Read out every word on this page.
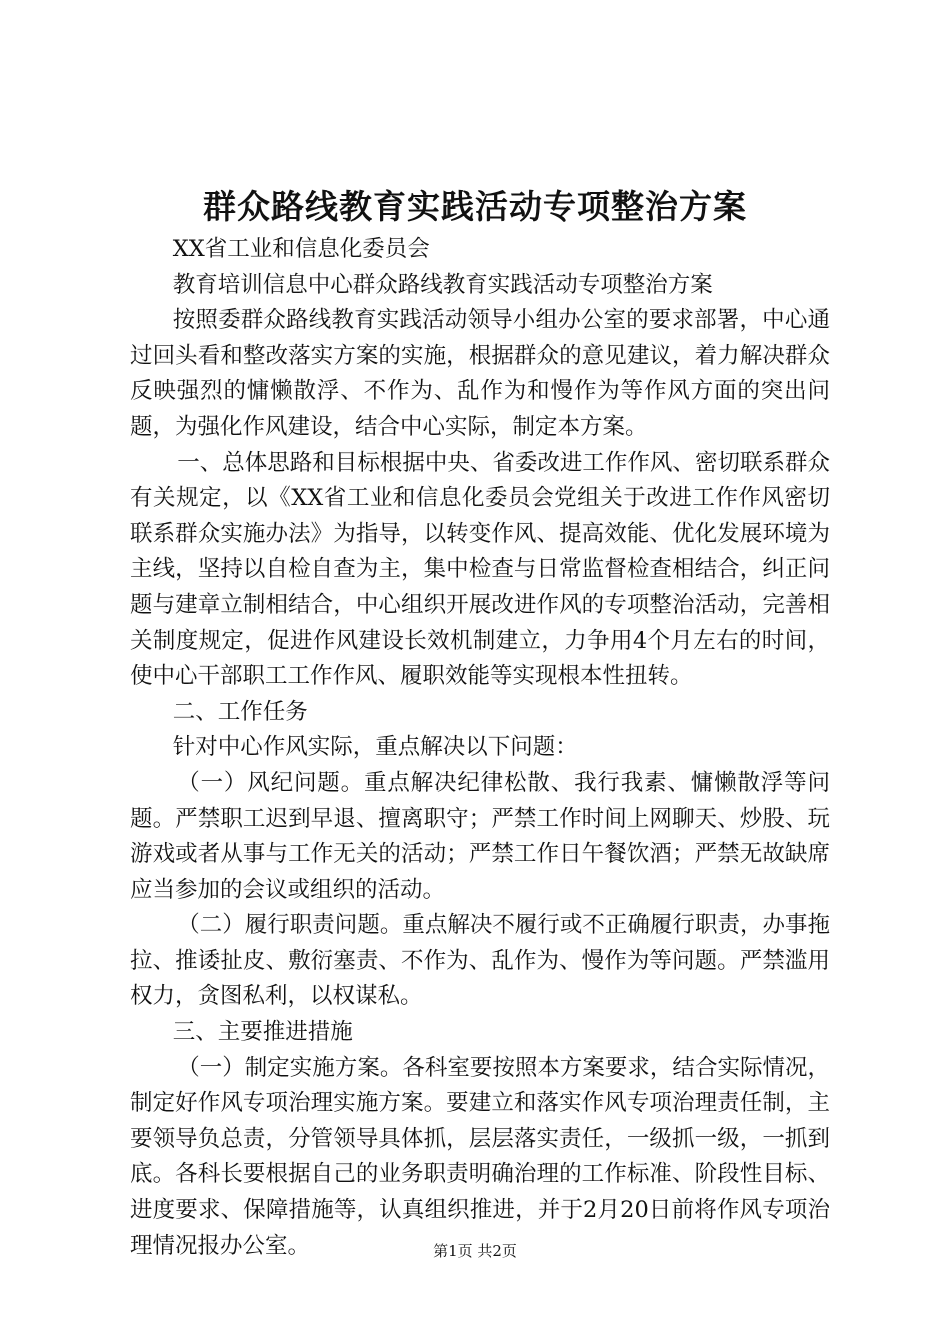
群众路线教育实践活动专项整治方案

XX省工业和信息化委员会

教育培训信息中心群众路线教育实践活动专项整治方案

按照委群众路线教育实践活动领导小组办公室的要求部署，中心通过回头看和整改落实方案的实施，根据群众的意见建议，着力解决群众反映强烈的慵懒散浮、不作为、乱作为和慢作为等作风方面的突出问题，为强化作风建设，结合中心实际，制定本方案。

一、总体思路和目标根据中央、省委改进工作作风、密切联系群众有关规定，以《XX省工业和信息化委员会党组关于改进工作作风密切联系群众实施办法》为指导，以转变作风、提高效能、优化发展环境为主线，坚持以自检自查为主，集中检查与日常监督检查相结合，纠正问题与建章立制相结合，中心组织开展改进作风的专项整治活动，完善相关制度规定，促进作风建设长效机制建立，力争用4个月左右的时间，使中心干部职工工作作风、履职效能等实现根本性扭转。

二、工作任务

针对中心作风实际，重点解决以下问题：

（一）风纪问题。重点解决纪律松散、我行我素、慵懒散浮等问题。严禁职工迟到早退、擅离职守；严禁工作时间上网聊天、炒股、玩游戏或者从事与工作无关的活动；严禁工作日午餐饮酒；严禁无故缺席应当参加的会议或组织的活动。

（二）履行职责问题。重点解决不履行或不正确履行职责，办事拖拉、推诿扯皮、敷衍塞责、不作为、乱作为、慢作为等问题。严禁滥用权力，贪图私利，以权谋私。

三、主要推进措施

（一）制定实施方案。各科室要按照本方案要求，结合实际情况，制定好作风专项治理实施方案。要建立和落实作风专项治理责任制，主要领导负总责，分管领导具体抓，层层落实责任，一级抓一级，一抓到底。各科长要根据自己的业务职责明确治理的工作标准、阶段性目标、进度要求、保障措施等，认真组织推进，并于2月20日前将作风专项治理情况报办公室。	第1页 共2页
